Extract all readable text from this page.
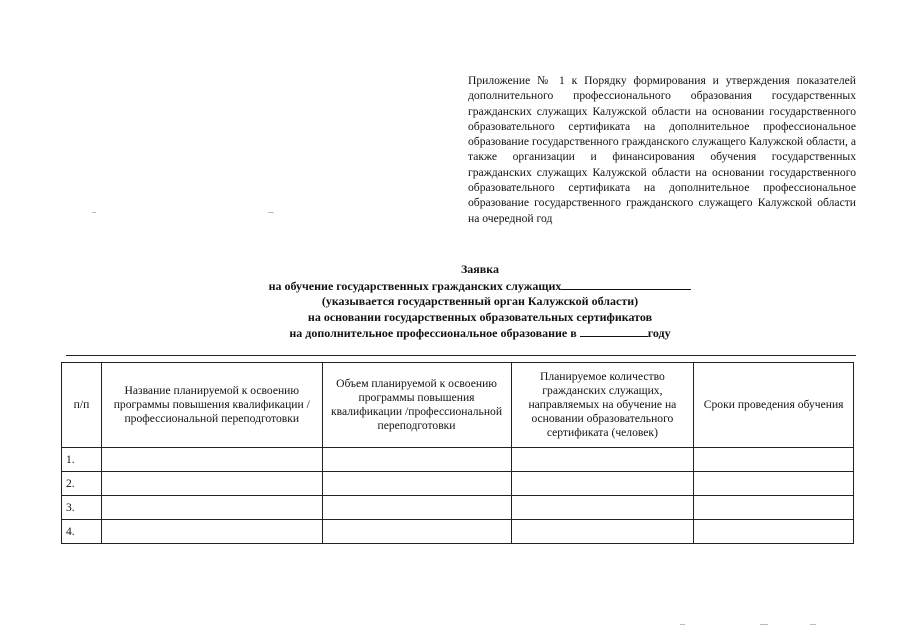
Приложение № 1 к Порядку формирования и утверждения показателей дополнительного профессионального образования государственных гражданских служащих Калужской области на основании государственного образовательного сертификата на дополнительное профессиональное образование государственного гражданского служащего Калужской области, а также организации и финансирования обучения государственных гражданских служащих Калужской области на основании государственного образовательного сертификата на дополнительное профессиональное образование государственного гражданского служащего Калужской области на очередной год
Заявка
на обучение государственных гражданских служащих
(указывается государственный орган Калужской области)
на основании государственных образовательных сертификатов
на дополнительное профессиональное образование в	году
п/п	Название планируемой к освоению программы повышения квалификации /профессиональной переподготовки	Объем планируемой к освоению программы повышения квалификации /профессиональной переподготовки	Планируемое количество гражданских служащих, направляемых на обучение на основании образовательного сертификата (человек)	Сроки проведения обучения
1.				
2.				
3.				
4.				
